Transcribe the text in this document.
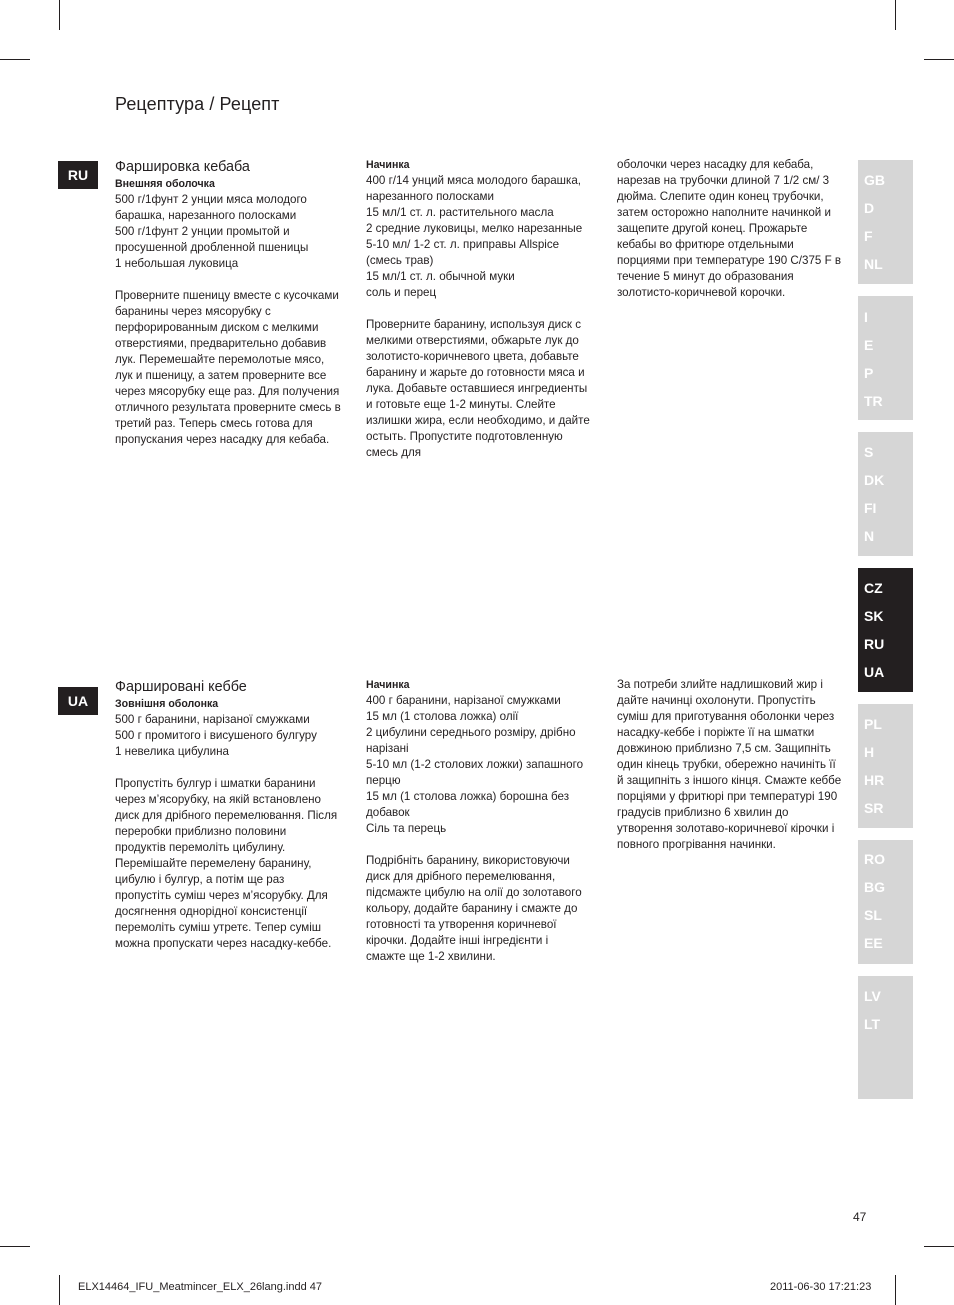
Рецептура / Рецепт
RU	Фаршировка кебаба
Внешняя оболочка

500 г/1фунт 2 унции мяса молодого барашка, нарезанного полосками
500 г/1фунт 2 унции промытой и просушенной дробленной пшеницы
1 небольшая луковица

Проверните пшеницу вместе с кусочками баранины через мясорубку с перфорированным диском с мелкими отверстиями, предварительно добавив лук. Перемешайте перемолотые мясо, лук и пшеницу, а затем проверните все через мясорубку еще раз. Для получения отличного результата проверните смесь в третий раз. Теперь смесь готова для пропускания через насадку для кебаба.

Начинка

400 г/14 унций мяса молодого барашка, нарезанного полосками
15 мл/1 ст. л. растительного масла
2 средние луковицы, мелко нарезанные
5-10 мл/ 1-2 ст. л. приправы Allspice (смесь трав)
15 мл/1 ст. л. обычной муки
соль и перец

Проверните баранину, используя диск с мелкими отверстиями, обжарьте лук до золотисто-коричневого цвета, добавьте баранину и жарьте до готовности мяса и лука. Добавьте оставшиеся ингредиенты и готовьте еще 1-2 минуты. Слейте излишки жира, если необходимо, и дайте остыть. Пропустите подготовленную смесь для

оболочки через насадку для кебаба, нарезав на трубочки длиной 7 1/2 см/ 3 дюйма. Слепите один конец трубочки, затем осторожно наполните начинкой и защепите другой конец. Прожарьте кебабы во фритюре отдельными порциями при температуре 190 C/375 F в течение 5 минут до образования золотисто-коричневой корочки.

UA
Фаршировані кеббе
Зовнішня оболонка

500 г баранини, нарізаної смужками
500 г промитого і висушеного булгуру
1 невелика цибулина

Пропустіть булгур і шматки баранини через м’ясорубку, на якій встановлено диск для дрібного перемелювання. Після переробки приблизно половини продуктів перемоліть цибулину. Перемішайте перемелену баранину, цибулю і булгур, а потім ще раз пропустіть суміш через м’ясорубку. Для досягнення однорідної консистенції перемоліть суміш утретє. Тепер суміш можна пропускати через насадку-кеббе.

Начинка

400 г баранини, нарізаної смужками
15 мл (1 столова ложка) олії
2 цибулини середнього розміру, дрібно нарізані
5-10 мл (1-2 столових ложки) запашного перцю
15 мл (1 столова ложка) борошна без добавок
Сіль та перець

Подрібніть баранину, використовуючи диск для дрібного перемелювання, підсмажте цибулю на олії до золотавого кольору, додайте баранину і смажте до готовності та утворення коричневої кірочки. Додайте інші інгредієнти і смажте ще 1-2 хвилини.

За потреби злийте надлишковий жир і дайте начинці охолонути. Пропустіть суміш для приготування оболонки через насадку-кеббе і поріжте її на шматки довжиною приблизно 7,5 см. Защипніть один кінець трубки, обережно начиніть її й защипніть з іншого кінця. Смажте кеббе порціями у фритюрі при температурі 190 градусів приблизно 6 хвилин до утворення золотаво-коричневої кірочки і повного прогрівання начинки.

GB
D
F
NL
I
E
P
TR
S
DK
FI
N
CZ
SK
RU
UA
PL
H
HR
SR
RO
BG
SL
EE
LV
LT
47
ELX14464_IFU_Meatmincer_ELX_26lang.indd 47	2011-06-30 17:21:23
